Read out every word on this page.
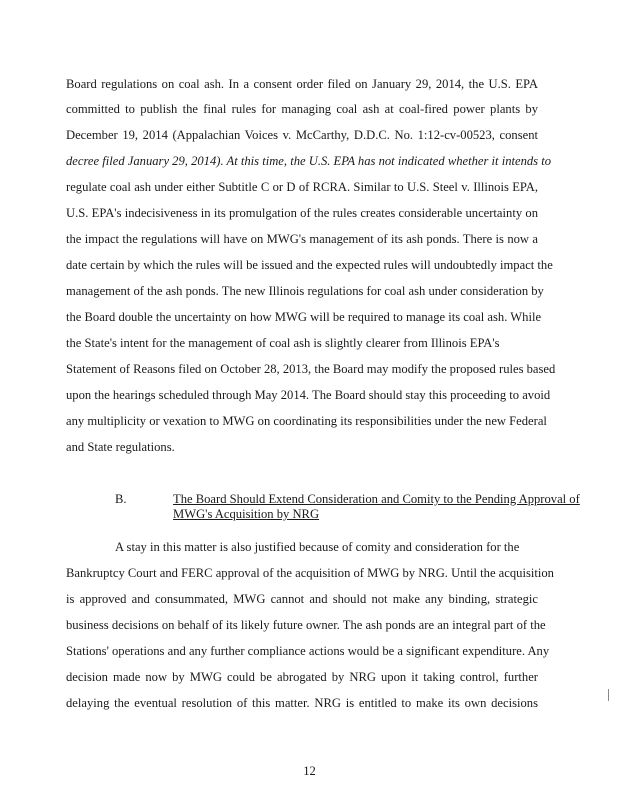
Board regulations on coal ash. In a consent order filed on January 29, 2014, the U.S. EPA
committed to publish the final rules for managing coal ash at coal-fired power plants by
December 19, 2014 (Appalachian Voices v. McCarthy, D.D.C. No. 1:12-cv-00523, consent
decree filed January 29, 2014). At this time, the U.S. EPA has not indicated whether it intends to
regulate coal ash under either Subtitle C or D of RCRA. Similar to U.S. Steel v. Illinois EPA,
U.S. EPA's indecisiveness in its promulgation of the rules creates considerable uncertainty on
the impact the regulations will have on MWG's management of its ash ponds. There is now a
date certain by which the rules will be issued and the expected rules will undoubtedly impact the
management of the ash ponds. The new Illinois regulations for coal ash under consideration by
the Board double the uncertainty on how MWG will be required to manage its coal ash. While
the State's intent for the management of coal ash is slightly clearer from Illinois EPA's
Statement of Reasons filed on October 28, 2013, the Board may modify the proposed rules based
upon the hearings scheduled through May 2014. The Board should stay this proceeding to avoid
any multiplicity or vexation to MWG on coordinating its responsibilities under the new Federal
and State regulations.
B.	The Board Should Extend Consideration and Comity to the Pending Approval of
MWG's Acquisition by NRG
A stay in this matter is also justified because of comity and consideration for the
Bankruptcy Court and FERC approval of the acquisition of MWG by NRG. Until the acquisition
is approved and consummated, MWG cannot and should not make any binding, strategic
business decisions on behalf of its likely future owner. The ash ponds are an integral part of the
Stations' operations and any further compliance actions would be a significant expenditure. Any
decision made now by MWG could be abrogated by NRG upon it taking control, further
delaying the eventual resolution of this matter. NRG is entitled to make its own decisions
12
